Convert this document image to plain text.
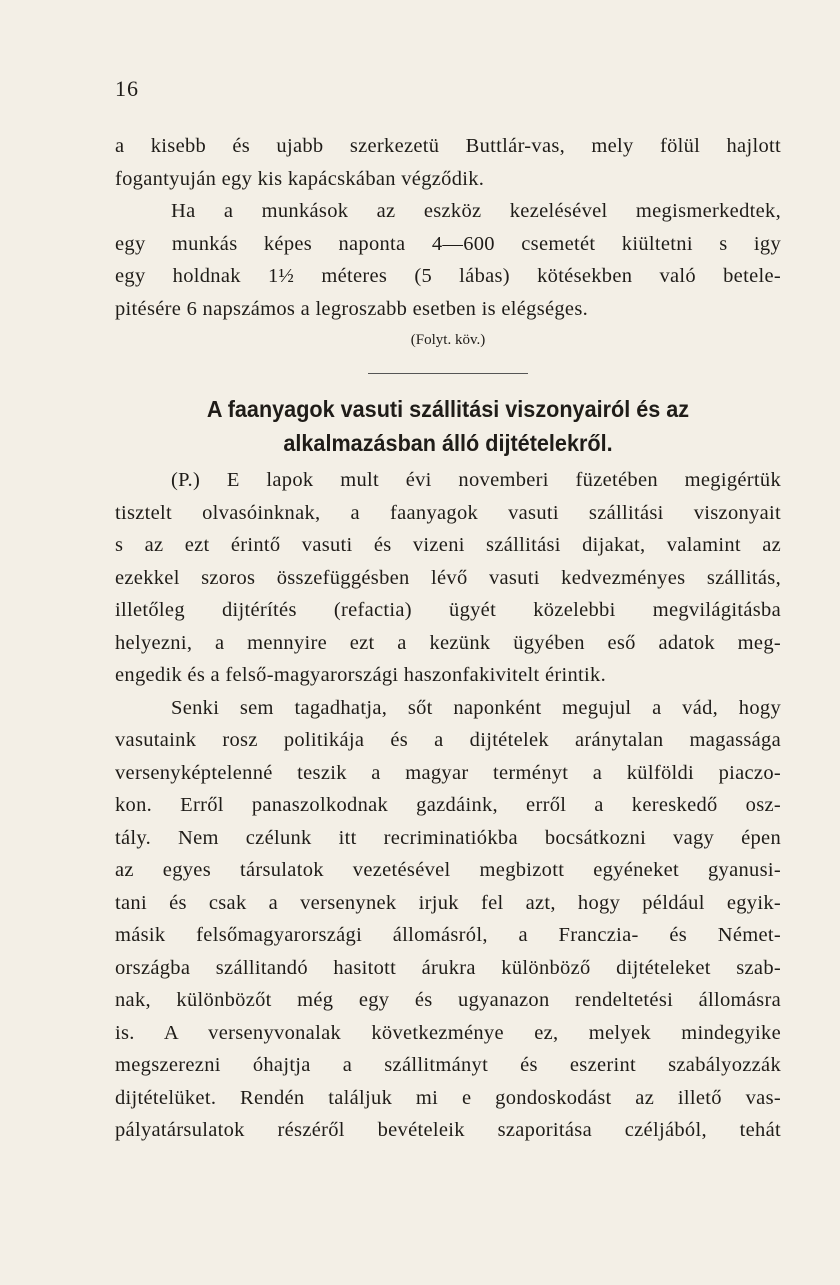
16
a kisebb és ujabb szerkezetü Buttlár-vas, mely fölül hajlott
fogantyuján egy kis kapácskában végződik.
Ha a munkások az eszköz kezelésével megismerkedtek,
egy munkás képes naponta 4—600 csemetét kiültetni s igy
egy holdnak 1½ méteres (5 lábas) kötésekben való betele-
pitésére 6 napszámos a legroszabb esetben is elégséges.
(Folyt. köv.)
A faanyagok vasuti szállitási viszonyairól és az
alkalmazásban álló dijtételekről.
(P.) E lapok mult évi novemberi füzetében megigértük
tisztelt olvasóinknak, a faanyagok vasuti szállitási viszonyait
s az ezt érintő vasuti és vizeni szállitási dijakat, valamint az
ezekkel szoros összefüggésben lévő vasuti kedvezményes szállitás,
illetőleg dijtérítés (refactia) ügyét közelebbi megvilágitásba
helyezni, a mennyire ezt a kezünk ügyében eső adatok meg-
engedik és a felső-magyarországi haszonfakivitelt érintik.
Senki sem tagadhatja, sőt naponként megujul a vád, hogy
vasutaink rosz politikája és a dijtételek aránytalan magassága
versenyképtelenné teszik a magyar terményt a külföldi piaczo-
kon. Erről panaszolkodnak gazdáink, erről a kereskedő osz-
tály. Nem czélunk itt recriminatiókba bocsátkozni vagy épen
az egyes társulatok vezetésével megbizott egyéneket gyanusi-
tani és csak a versenynek irjuk fel azt, hogy például egyik-
másik felsőmagyarországi állomásról, a Franczia- és Német-
országba szállitandó hasitott árukra különböző dijtételeket szab-
nak, különbözőt még egy és ugyanazon rendeltetési állomásra
is. A versenyvonalak következménye ez, melyek mindegyike
megszerezni óhajtja a szállitmányt és eszerint szabályozzák
dijtételüket. Rendén találjuk mi e gondoskodást az illető vas-
pályatársulatok részéről bevételeik szaporitása czéljából, tehát
